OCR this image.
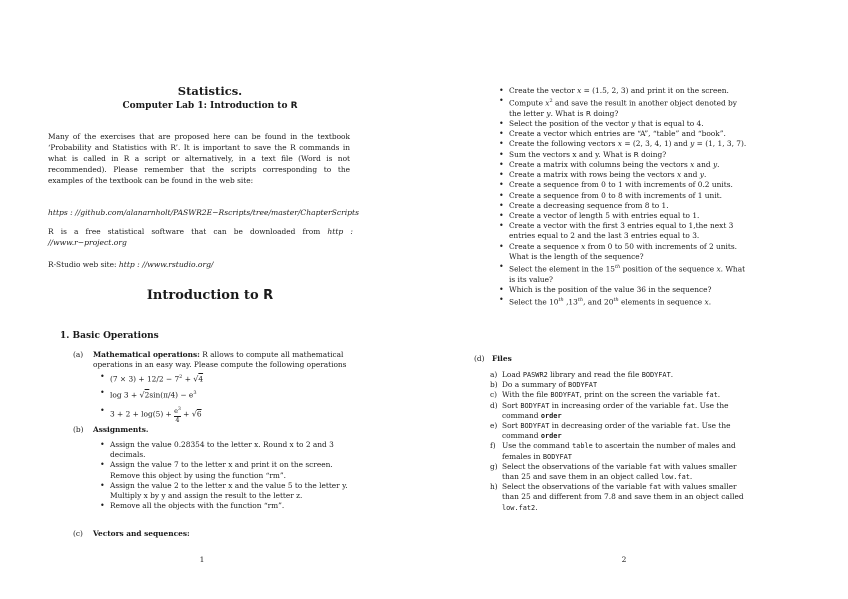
Statistics.
Computer Lab 1: Introduction to R
Many of the exercises that are proposed here can be found in the textbook ‘Probability and Statistics with R’. It is important to save the R commands in what is called in R a script or alternatively, in a text file (Word is not recommended). Please remember that the scripts corresponding to the examples of the textbook can be found in the web site:
https : //github.com/alanarnholt/PASWR2E−Rscripts/tree/master/ChapterScripts
R is a free statistical software that can be downloaded from http : //www.r−project.org
R-Studio web site: http : //www.rstudio.org/
Introduction to R
1. Basic Operations
(a)	Mathematical operations: R allows to compute all mathematical operations in an easy way. Please compute the following operations
• $(7 \times 3) + 12/2 - 7^2 + √4$
• $\log 3 + √2\sin(\pi/4) - e^3$
• $3 + 2 + \log(5) + \frac{e^3}{4} + √6$
(b)	Assignments.
• Assign the value 0.28354 to the letter x. Round x to 2 and 3 decimals.
• Assign the value 7 to the letter x and print it on the screen. Remove this object by using the function “rm”.
• Assign the value 2 to the letter x and the value 5 to the letter y. Multiply x by y and assign the result to the letter z.
• Remove all the objects with the function “rm”.
(c)	Vectors and sequences:
1
• Create the vector x = (1.5, 2, 3) and print it on the screen.
• Compute $x^2$ and save the result in another object denoted by the letter y. What is R doing?
• Select the position of the vector y that is equal to 4.
• Create a vector which entries are “A”, “table” and “book”.
• Create the following vectors x = (2, 3, 4, 1) and y = (1, 1, 3, 7).
• Sum the vectors x and y. What is R doing?
• Create a matrix with columns being the vectors x and y.
• Create a matrix with rows being the vectors x and y.
• Create a sequence from 0 to 1 with increments of 0.2 units.
• Create a sequence from 0 to 8 with increments of 1 unit.
• Create a decreasing sequence from 8 to 1.
• Create a vector of length 5 with entries equal to 1.
• Create a vector with the first 3 entries equal to 1,the next 3 entries equal to 2 and the last 3 entries equal to 3.
• Create a sequence x from 0 to 50 with increments of 2 units. What is the length of the sequence?
• Select the element in the 15th position of the sequence x. What is its value?
• Which is the position of the value 36 in the sequence?
• Select the 10th ,13th, and 20th elements in sequence x.
(d)	Files
a) Load PASWR2 library and read the file BODYFAT.
b) Do a summary of BODYFAT
c) With the file BODYFAT, print on the screen the variable fat.
d) Sort BODYFAT in increasing order of the variable fat. Use the command order
e) Sort BODYFAT in decreasing order of the variable fat. Use the command order
f) Use the command table to ascertain the number of males and females in BODYFAT
g) Select the observations of the variable fat with values smaller than 25 and save them in an object called low.fat.
h) Select the observations of the variable fat with values smaller than 25 and different from 7.8 and save them in an object called low.fat2.
2
